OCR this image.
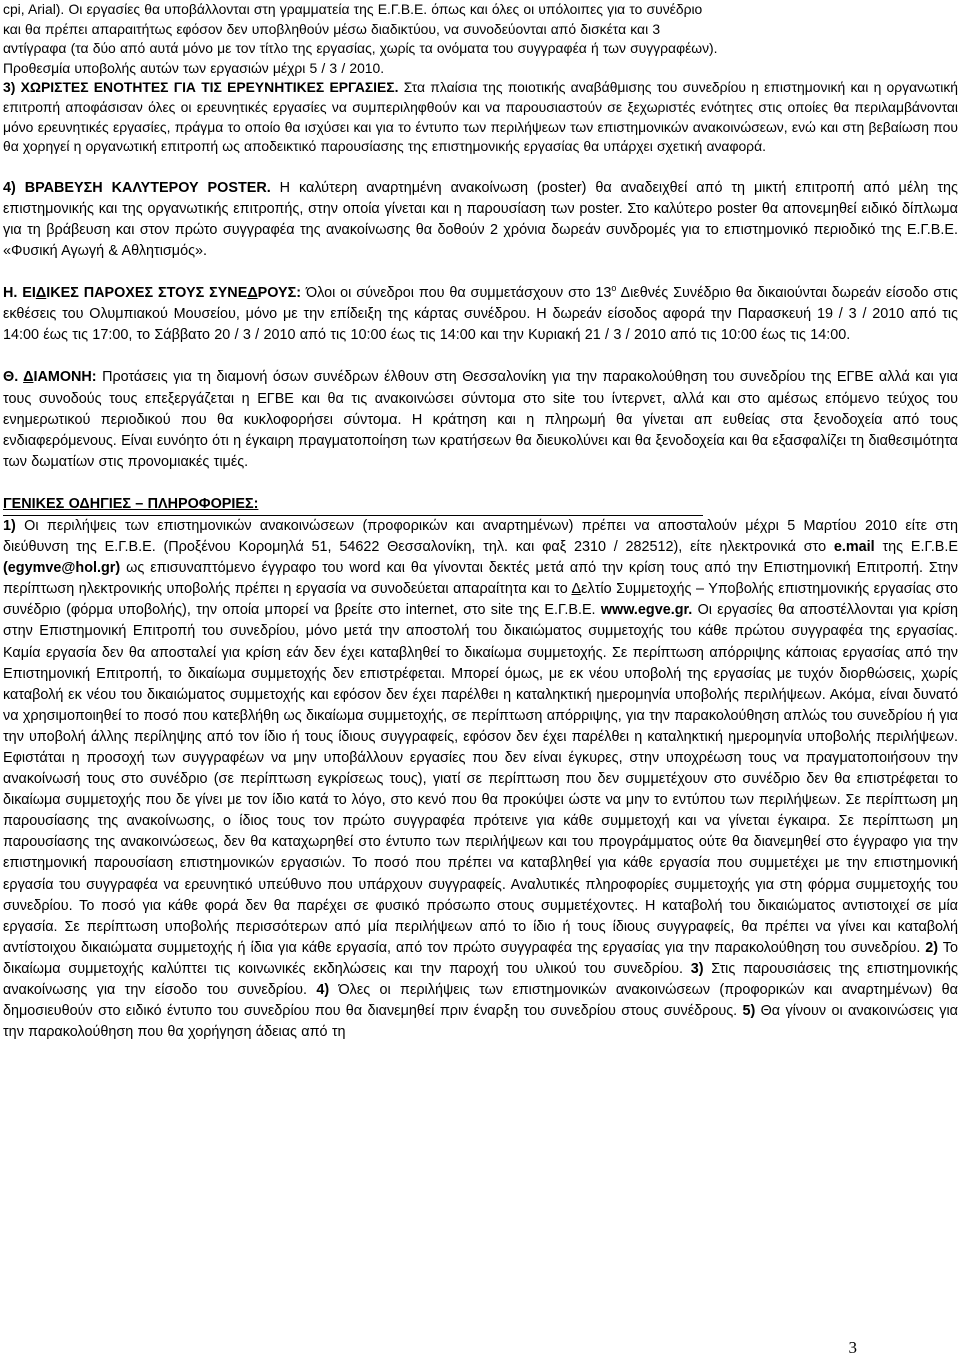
cpi, Arial). Οι εργασίες θα υποβάλλονται στη γραμματεία της Ε.Γ.Β.Ε. όπως και όλες οι υπόλοιπες για το συνέδριο
και θα πρέπει απαραιτήτως εφόσον δεν υποβληθούν μέσω διαδικτύου, να συνοδεύονται από δισκέτα και 3
αντίγραφα (τα δύο από αυτά μόνο με τον τίτλο της εργασίας, χωρίς τα ονόματα του συγγραφέα ή των συγγραφέων).
Προθεσμία υποβολής αυτών των εργασιών μέχρι 5 / 3 / 2010.

3) ΧΩΡΙΣΤΕΣ ΕΝΟΤΗΤΕΣ ΓΙΑ ΤΙΣ ΕΡΕΥΝΗΤΙΚΕΣ ΕΡΓΑΣΙΕΣ. Στα πλαίσια της ποιοτικής αναβάθμισης του συνεδρίου η επιστημονική και η οργανωτική επιτροπή αποφάσισαν όλες οι ερευνητικές εργασίες να συμπεριληφθούν και να παρουσιαστούν σε ξεχωριστές ενότητες στις οποίες θα περιλαμβάνονται μόνο ερευνητικές εργασίες, πράγμα το οποίο θα ισχύσει και για το έντυπο των περιλήψεων των επιστημονικών ανακοινώσεων, ενώ και στη βεβαίωση που θα χορηγεί η οργανωτική επιτροπή ως αποδεικτικό παρουσίασης της επιστημονικής εργασίας θα υπάρχει σχετική αναφορά.

4) ΒΡΑΒΕΥΣΗ ΚΑΛΥΤΕΡΟΥ POSTER. Η καλύτερη αναρτημένη ανακοίνωση (poster) θα αναδειχθεί από τη μικτή επιτροπή από μέλη της επιστημονικής και της οργανωτικής επιτροπής, στην οποία γίνεται και η παρουσίαση των poster. Στο καλύτερο poster θα απονεμηθεί ειδικό δίπλωμα για τη βράβευση και στον πρώτο συγγραφέα της ανακοίνωσης θα δοθούν 2 χρόνια δωρεάν συνδρομές για το επιστημονικό περιοδικό της Ε.Γ.Β.Ε. «Φυσική Αγωγή & Αθλητισμός».

Η. ΕΙΔΙΚΕΣ ΠΑΡΟΧΕΣ ΣΤΟΥΣ ΣΥΝΕΔΡΟΥΣ: Όλοι οι σύνεδροι που θα συμμετάσχουν στο $13^o$ Διεθνές Συνέδριο θα δικαιούνται δωρεάν είσοδο στις εκθέσεις του Ολυμπιακού Μουσείου, μόνο με την επίδειξη της κάρτας συνέδρου. Η δωρεάν είσοδος αφορά την Παρασκευή 19 / 3 / 2010 από τις 14:00 έως τις 17:00, το Σάββατο 20 / 3 / 2010 από τις 10:00 έως τις 14:00 και την Κυριακή 21 / 3 / 2010 από τις 10:00 έως τις 14:00.

Θ. ΔΙΑΜΟΝΗ: Προτάσεις για τη διαμονή όσων συνέδρων έλθουν στη Θεσσαλονίκη για την παρακολούθηση του συνεδρίου της ΕΓΒΕ αλλά και για τους συνοδούς τους επεξεργάζεται η ΕΓΒΕ και θα τις ανακοινώσει σύντομα στο site του ίντερνετ, αλλά και στο αμέσως επόμενο τεύχος του ενημερωτικού περιοδικού που θα κυκλοφορήσει σύντομα. Η κράτηση και η πληρωμή θα γίνεται απ ευθείας στα ξενοδοχεία από τους ενδιαφερόμενους. Είναι ευνόητο ότι η έγκαιρη πραγματοποίηση των κρατήσεων θα διευκολύνει και θα ξενοδοχεία και θα εξασφαλίζει τη διαθεσιμότητα των δωματίων στις προνομιακές τιμές.

ΓΕΝΙΚΕΣ ΟΔΗΓΙΕΣ – ΠΛΗΡΟΦΟΡΙΕΣ:

1) Οι περιλήψεις των επιστημονικών ανακοινώσεων (προφορικών και αναρτημένων) πρέπει να αποσταλούν μέχρι 5 Μαρτίου 2010 είτε στη διεύθυνση της Ε.Γ.Β.Ε. (Προξένου Κορομηλά 51, 54622 Θεσσαλονίκη, τηλ. και φαξ 2310 / 282512), είτε ηλεκτρονικά στο e.mail της Ε.Γ.Β.Ε (egymve@hol.gr) ως επισυναπτόμενο έγγραφο του word και θα γίνονται δεκτές μετά από την κρίση τους από την Επιστημονική Επιτροπή. Στην περίπτωση ηλεκτρονικής υποβολής πρέπει η εργασία να συνοδεύεται απαραίτητα και το Δελτίο Συμμετοχής – Υποβολής επιστημονικής εργασίας στο συνέδριο (φόρμα υποβολής), την οποία μπορεί να βρείτε στο internet, στο site της Ε.Γ.Β.Ε. www.egve.gr. Οι εργασίες θα αποστέλλονται για κρίση στην Επιστημονική Επιτροπή του συνεδρίου, μόνο μετά την αποστολή του δικαιώματος συμμετοχής του κάθε πρώτου συγγραφέα της εργασίας. Καμία εργασία δεν θα αποσταλεί για κρίση εάν δεν έχει καταβληθεί το δικαίωμα συμμετοχής. Σε περίπτωση απόρριψης κάποιας εργασίας από την Επιστημονική Επιτροπή, το δικαίωμα συμμετοχής δεν επιστρέφεται. Μπορεί όμως, με εκ νέου υποβολή της εργασίας με τυχόν διορθώσεις, χωρίς καταβολή εκ νέου του δικαιώματος συμμετοχής και εφόσον δεν έχει παρέλθει η καταληκτική ημερομηνία υποβολής περιλήψεων. Ακόμα, είναι δυνατό να χρησιμοποιηθεί το ποσό που κατεβλήθη ως δικαίωμα συμμετοχής, σε περίπτωση απόρριψης, για την παρακολούθηση απλώς του συνεδρίου ή για την υποβολή άλλης περίληψης από τον ίδιο ή τους ίδιους συγγραφείς, εφόσον δεν έχει παρέλθει η καταληκτική ημερομηνία υποβολής περιλήψεων. Εφιστάται η προσοχή των συγγραφέων να μην υποβάλλουν εργασίες που δεν είναι έγκυρες, στην υποχρέωση τους να πραγματοποιήσουν την ανακοίνωσή τους στο συνέδριο (σε περίπτωση εγκρίσεως τους), γιατί σε περίπτωση που δεν συμμετέχουν στο συνέδριο δεν θα επιστρέφεται το δικαίωμα συμμετοχής που δε γίνει με τον ίδιο κατά το λόγο, στο κενό που θα προκύψει ώστε να μην το εντύπου των περιλήψεων. Σε περίπτωση μη παρουσίασης της ανακοίνωσης, ο ίδιος τους τον πρώτο συγγραφέα πρότεινε για κάθε συμμετοχή και να γίνεται έγκαιρα. Σε περίπτωση μη παρουσίασης της ανακοινώσεως, δεν θα καταχωρηθεί στο έντυπο των περιλήψεων και του προγράμματος ούτε θα διανεμηθεί στο έγγραφο για την επιστημονική παρουσίαση επιστημονικών εργασιών. Το ποσό που πρέπει να καταβληθεί για κάθε εργασία που συμμετέχει με την επιστημονική εργασία του συγγραφέα να ερευνητικό υπεύθυνο που υπάρχουν συγγραφείς. Αναλυτικές πληροφορίες συμμετοχής για στη φόρμα συμμετοχής του συνεδρίου. Το ποσό για κάθε φορά δεν θα παρέχει σε φυσικό πρόσωπο στους συμμετέχοντες. Η καταβολή του δικαιώματος αντιστοιχεί σε μία εργασία. Σε περίπτωση υποβολής περισσότερων από μία περιλήψεων από το ίδιο ή τους ίδιους συγγραφείς, θα πρέπει να γίνει και καταβολή αντίστοιχου δικαιώματα συμμετοχής ή ίδια για κάθε εργασία, από τον πρώτο συγγραφέα της εργασίας για την παρακολούθηση του συνεδρίου. 2) Το δικαίωμα συμμετοχής καλύπτει τις κοινωνικές εκδηλώσεις και την παροχή του υλικού του συνεδρίου. 3) Στις παρουσιάσεις της επιστημονικής ανακοίνωσης για την είσοδο του συνεδρίου. 4) Όλες οι περιλήψεις των επιστημονικών ανακοινώσεων (προφορικών και αναρτημένων) θα δημοσιευθούν στο ειδικό έντυπο του συνεδρίου που θα διανεμηθεί πριν έναρξη του συνεδρίου στους συνέδρους. 5) Θα γίνουν οι ανακοινώσεις για την παρακολούθηση που θα χορήγηση άδειας από τη

3
